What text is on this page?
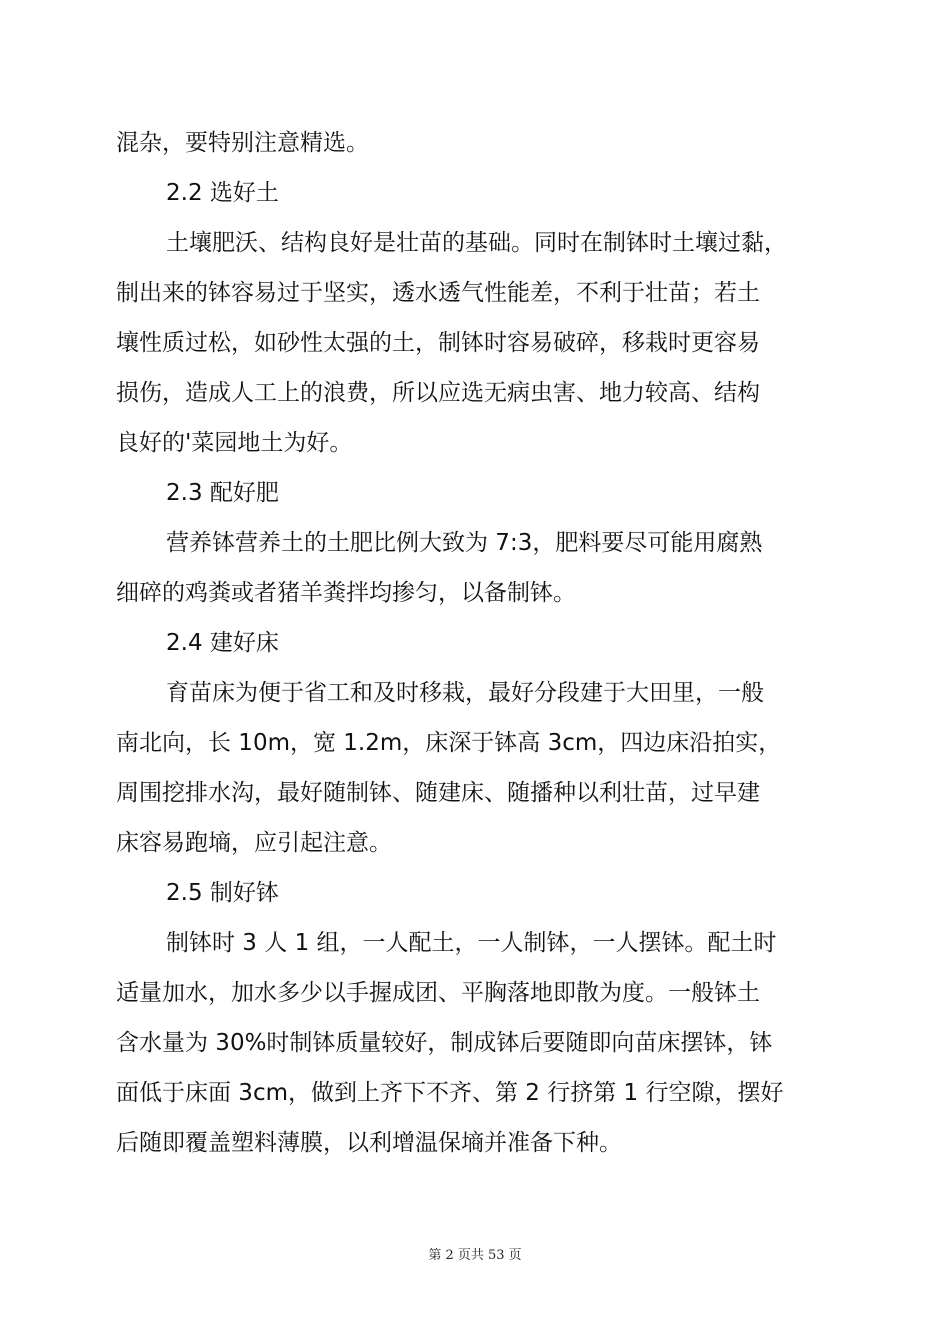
混杂，要特别注意精选。
2.2 选好土
土壤肥沃、结构良好是壮苗的基础。同时在制钵时土壤过黏，
制出来的钵容易过于坚实，透水透气性能差，不利于壮苗；若土
壤性质过松，如砂性太强的土，制钵时容易破碎，移栽时更容易
损伤，造成人工上的浪费，所以应选无病虫害、地力较高、结构
良好的'菜园地土为好。
2.3 配好肥
营养钵营养土的土肥比例大致为 7:3，肥料要尽可能用腐熟
细碎的鸡粪或者猪羊粪拌均掺匀，以备制钵。
2.4 建好床
育苗床为便于省工和及时移栽，最好分段建于大田里，一般
南北向，长 10m，宽 1.2m，床深于钵高 3cm，四边床沿拍实，
周围挖排水沟，最好随制钵、随建床、随播种以利壮苗，过早建
床容易跑墒，应引起注意。
2.5 制好钵
制钵时 3 人 1 组，一人配土，一人制钵，一人摆钵。配土时
适量加水，加水多少以手握成团、平胸落地即散为度。一般钵土
含水量为 30%时制钵质量较好，制成钵后要随即向苗床摆钵，钵
面低于床面 3cm，做到上齐下不齐、第 2 行挤第 1 行空隙，摆好
后随即覆盖塑料薄膜，以利增温保墒并准备下种。
第 2 页共 53 页
